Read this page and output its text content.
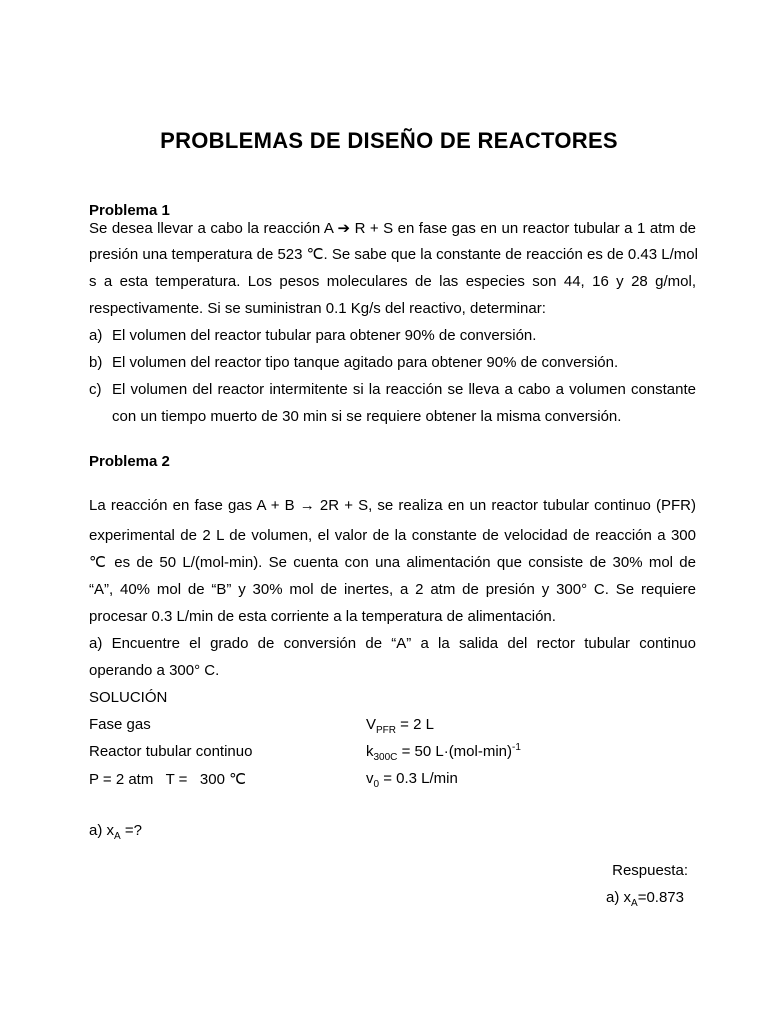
PROBLEMAS DE DISEÑO DE REACTORES
Problema 1
Se desea llevar a cabo la reacción A ➔ R + S en fase gas en un reactor tubular a 1 atm de
presión una temperatura de 523 ℃. Se sabe que la constante de reacción es de 0.43 L/mol
s a esta temperatura. Los pesos moleculares de las especies son 44, 16 y 28 g/mol,
respectivamente. Si se suministran 0.1 Kg/s del reactivo, determinar:
a) El volumen del reactor tubular para obtener 90% de conversión.
b) El volumen del reactor tipo tanque agitado para obtener 90% de conversión.
c) El volumen del reactor intermitente si la reacción se lleva a cabo a volumen constante
con un tiempo muerto de 30 min si se requiere obtener la misma conversión.
Problema 2
La reacción en fase gas A + B → 2R + S, se realiza en un reactor tubular continuo (PFR)
experimental de 2 L de volumen, el valor de la constante de velocidad de reacción a 300
℃ es de 50 L/(mol-min). Se cuenta con una alimentación que consiste de 30% mol de
“A”, 40% mol de “B” y 30% mol de inertes, a 2 atm de presión y 300° C. Se requiere
procesar 0.3 L/min de esta corriente a la temperatura de alimentación.
a) Encuentre el grado de conversión de “A” a la salida del rector tubular continuo
operando a 300° C.
SOLUCIÓN
Fase gas
Reactor tubular continuo
P = 2 atm   T =   300 ℃
$V_{PFR} = 2$ L
$k_{300C} = 50$ $L\cdot(mol-\min)^{-1}$
$v_0 = 0.3$ L/min
a) $x_A$ =?
Respuesta:
a) $x_A=0.873$
